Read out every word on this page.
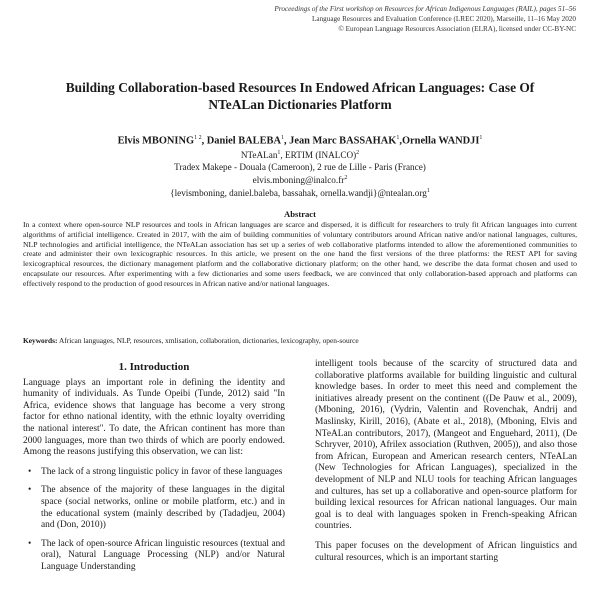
Proceedings of the First workshop on Resources for African Indigenous Languages (RAIL), pages 51–56
Language Resources and Evaluation Conference (LREC 2020), Marseille, 11–16 May 2020
© European Language Resources Association (ELRA), licensed under CC-BY-NC
Building Collaboration-based Resources In Endowed African Languages: Case Of NTeALan Dictionaries Platform
Elvis $MBONING^{1 2}$, Daniel BALEBA$^1$, Jean Marc BASSAHAK$^1$,Ornella WANDJI$^1$
NTeALan$^1$, ERTIM (INALCO)$^2$
Tradex Makepe - Douala (Cameroon), 2 rue de Lille - Paris (France)
$elvis.mboning@inalco.fr^2$
{levismboning, daniel.baleba, bassahak, ornella.wandji}@ntealan.org$^1$
Abstract
In a context where open-source NLP resources and tools in African languages are scarce and dispersed, it is difficult for researchers to truly fit African languages into current algorithms of artificial intelligence. Created in 2017, with the aim of building communities of voluntary contributors around African native and/or national languages, cultures, NLP technologies and artificial intelligence, the NTeALan association has set up a series of web collaborative platforms intended to allow the aforementioned communities to create and administer their own lexicographic resources. In this article, we present on the one hand the first versions of the three platforms: the REST API for saving lexicographical resources, the dictionary management platform and the collaborative dictionary platform; on the other hand, we describe the data format chosen and used to encapsulate our resources. After experimenting with a few dictionaries and some users feedback, we are convinced that only collaboration-based approach and platforms can effectively respond to the production of good resources in African native and/or national languages.
Keywords: African languages, NLP, resources, xmlisation, collaboration, dictionaries, lexicography, open-source
1. Introduction

Language plays an important role in defining the identity and humanity of individuals. As Tunde Opeibi (Tunde, 2012) said "In Africa, evidence shows that language has become a very strong factor for ethno national identity, with the ethnic loyalty overriding the national interest". To date, the African continent has more than 2000 languages, more than two thirds of which are poorly endowed. Among the reasons justifying this observation, we can list:

• The lack of a strong linguistic policy in favor of these languages
• The absence of the majority of these languages in the digital space (social networks, online or mobile platform, etc.) and in the educational system (mainly described by (Tadadjeu, 2004) and (Don, 2010))
• The lack of open-source African linguistic resources (textual and oral), Natural Language Processing (NLP) and/or Natural Language Understanding

intelligent tools because of the scarcity of structured data and collaborative platforms available for building linguistic and cultural knowledge bases. In order to meet this need and complement the initiatives already present on the continent ((De Pauw et al., 2009), (Mboning, 2016), (Vydrin, Valentin and Rovenchak, Andrij and Maslinsky, Kirill, 2016), (Abate et al., 2018), (Mboning, Elvis and NTeALan contributors, 2017), (Mangeot and Enguehard, 2011), (De Schryver, 2010), Afrilex association (Ruthven, 2005)), and also those from African, European and American research centers, NTeALan (New Technologies for African Languages), specialized in the development of NLP and NLU tools for teaching African languages and cultures, has set up a collaborative and open-source platform for building lexical resources for African national languages. Our main goal is to deal with languages spoken in French-speaking African countries.

This paper focuses on the development of African linguistics and cultural resources, which is an important starting
